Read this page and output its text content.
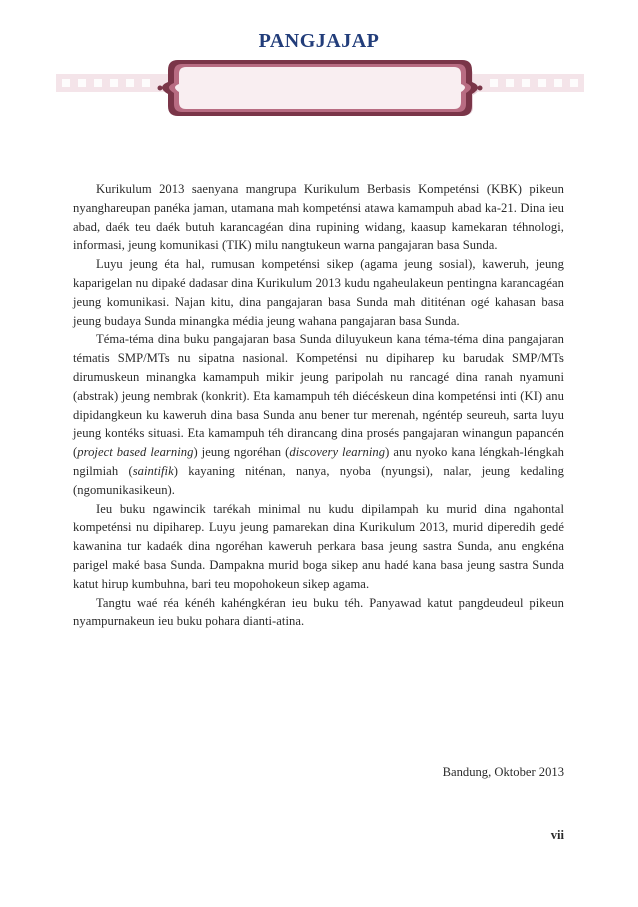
PANGJAJAP

Kurikulum 2013 saenyana mangrupa Kurikulum Berbasis Kompeténsi (KBK) pikeun nyanghareupan panéka jaman, utamana mah kompeténsi atawa kamampuh abad ka-21. Dina ieu abad, daék teu daék butuh karancagéan dina rupining widang, kaasup kamekaran téhnologi, informasi, jeung komunikasi (TIK) milu nangtukeun warna pangajaran basa Sunda.

Luyu jeung éta hal, rumusan kompeténsi sikep (agama jeung sosial), kaweruh, jeung kaparigelan nu dipaké dadasar dina Kurikulum 2013 kudu ngaheulakeun pentingna karancagéan jeung komunikasi. Najan kitu, dina pangajaran basa Sunda mah dititénan ogé kahasan basa jeung budaya Sunda minangka média jeung wahana pangajaran basa Sunda.

Téma-téma dina buku pangajaran basa Sunda diluyukeun kana téma-téma dina pangajaran tématis SMP/MTs nu sipatna nasional. Kompeténsi nu dipiharep ku barudak SMP/MTs dirumuskeun minangka kamampuh mikir jeung paripolah nu rancagé dina ranah nyamuni (abstrak) jeung nembrak (konkrit). Eta kamampuh téh diécéskeun dina kompeténsi inti (KI) anu dipidangkeun ku kaweruh dina basa Sunda anu bener tur merenah, ngéntép seureuh, sarta luyu jeung kontéks situasi. Eta kamampuh téh dirancang dina prosés pangajaran winangun papancén (project based learning) jeung ngoréhan (discovery learning) anu nyoko kana léngkah-léngkah ngilmiah (saintifik) kayaning niténan, nanya, nyoba (nyungsi), nalar, jeung kedaling (ngomunikasikeun).

Ieu buku ngawincik tarékah minimal nu kudu dipilampah ku murid dina ngahontal kompeténsi nu dipiharep. Luyu jeung pamarekan dina Kurikulum 2013, murid diperedih gedé kawanina tur kadaék dina ngoréhan kaweruh perkara basa jeung sastra Sunda, anu engkéna parigel maké basa Sunda. Dampakna murid boga sikep anu hadé kana basa jeung sastra Sunda katut hirup kumbuhna, bari teu mopohokeun sikep agama.

Tangtu waé réa kénéh kahéngkéran ieu buku téh. Panyawad katut pangdeudeul pikeun nyampurnakeun ieu buku pohara dianti-atina.

Bandung, Oktober 2013
vii
